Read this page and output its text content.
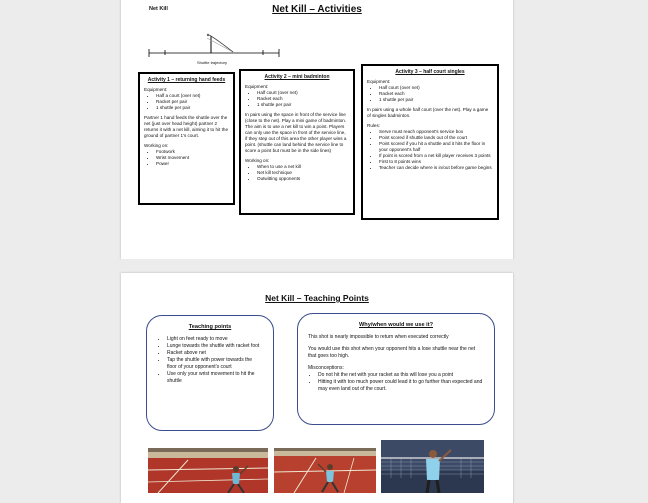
Net Kill	Net Kill – Activities
Shuttle trajectory
Activity 1 – returning hand feeds
Equipment:
• Half a court (over net)
• Racket per pair
• 1 shuttle per pair

Partner 1 hand feeds the shuttle over the net (just over head height) partner 2 returns it with a net kill, aiming it to hit the ground of partner 1's court.

Working on:
• Footwork
• Wrist movement
• Power
Activity 2 – mini badminton
Equipment:
• Half court (over net)
• Racket each
• 1 shuttle per pair

In pairs using the space in front of the service line (close to the net). Play a mini game of badminton. The aim is to use a net kill to win a point. Players can only use the space in front of the service line, if they step out of this area the other player wins a point. (shuttle can land behind the service line to score a point but must be in the side lines)

Working on:
• When to use a net kill
• Net kill technique
• Outwitting opponents
Activity 3 – half court singles
Equipment:
• Half court (over net)
• Racket each
• 1 shuttle per pair

In pairs using a whole half court (over the net). Play a game of singles badminton.

Rules:
• Serve must reach opponent's service box
• Point scored if shuttle lands out of the court
• Point scored if you hit a shuttle and it hits the floor in your opponent's half
• If point is scored from a net kill player receives 3 points
• First to 8 points wins
• Teacher can decide where is in/out before game begins
Net Kill – Teaching Points
Teaching points
• Light on feet ready to move
• Lunge towards the shuttle with racket foot
• Racket above net
• Tap the shuttle with power towards the floor of your opponent's court
• Use only your wrist movement to hit the shuttle
Why/when would we use it?

This shot is nearly impossible to return when executed correctly

You would use this shot when your opponent hits a lose shuttle near the net that goes too high.

Misconceptions:
• Do not hit the net with your racket as this will lose you a point
• Hitting it with too much power could lead it to go further than expected and may even land out of the court.
